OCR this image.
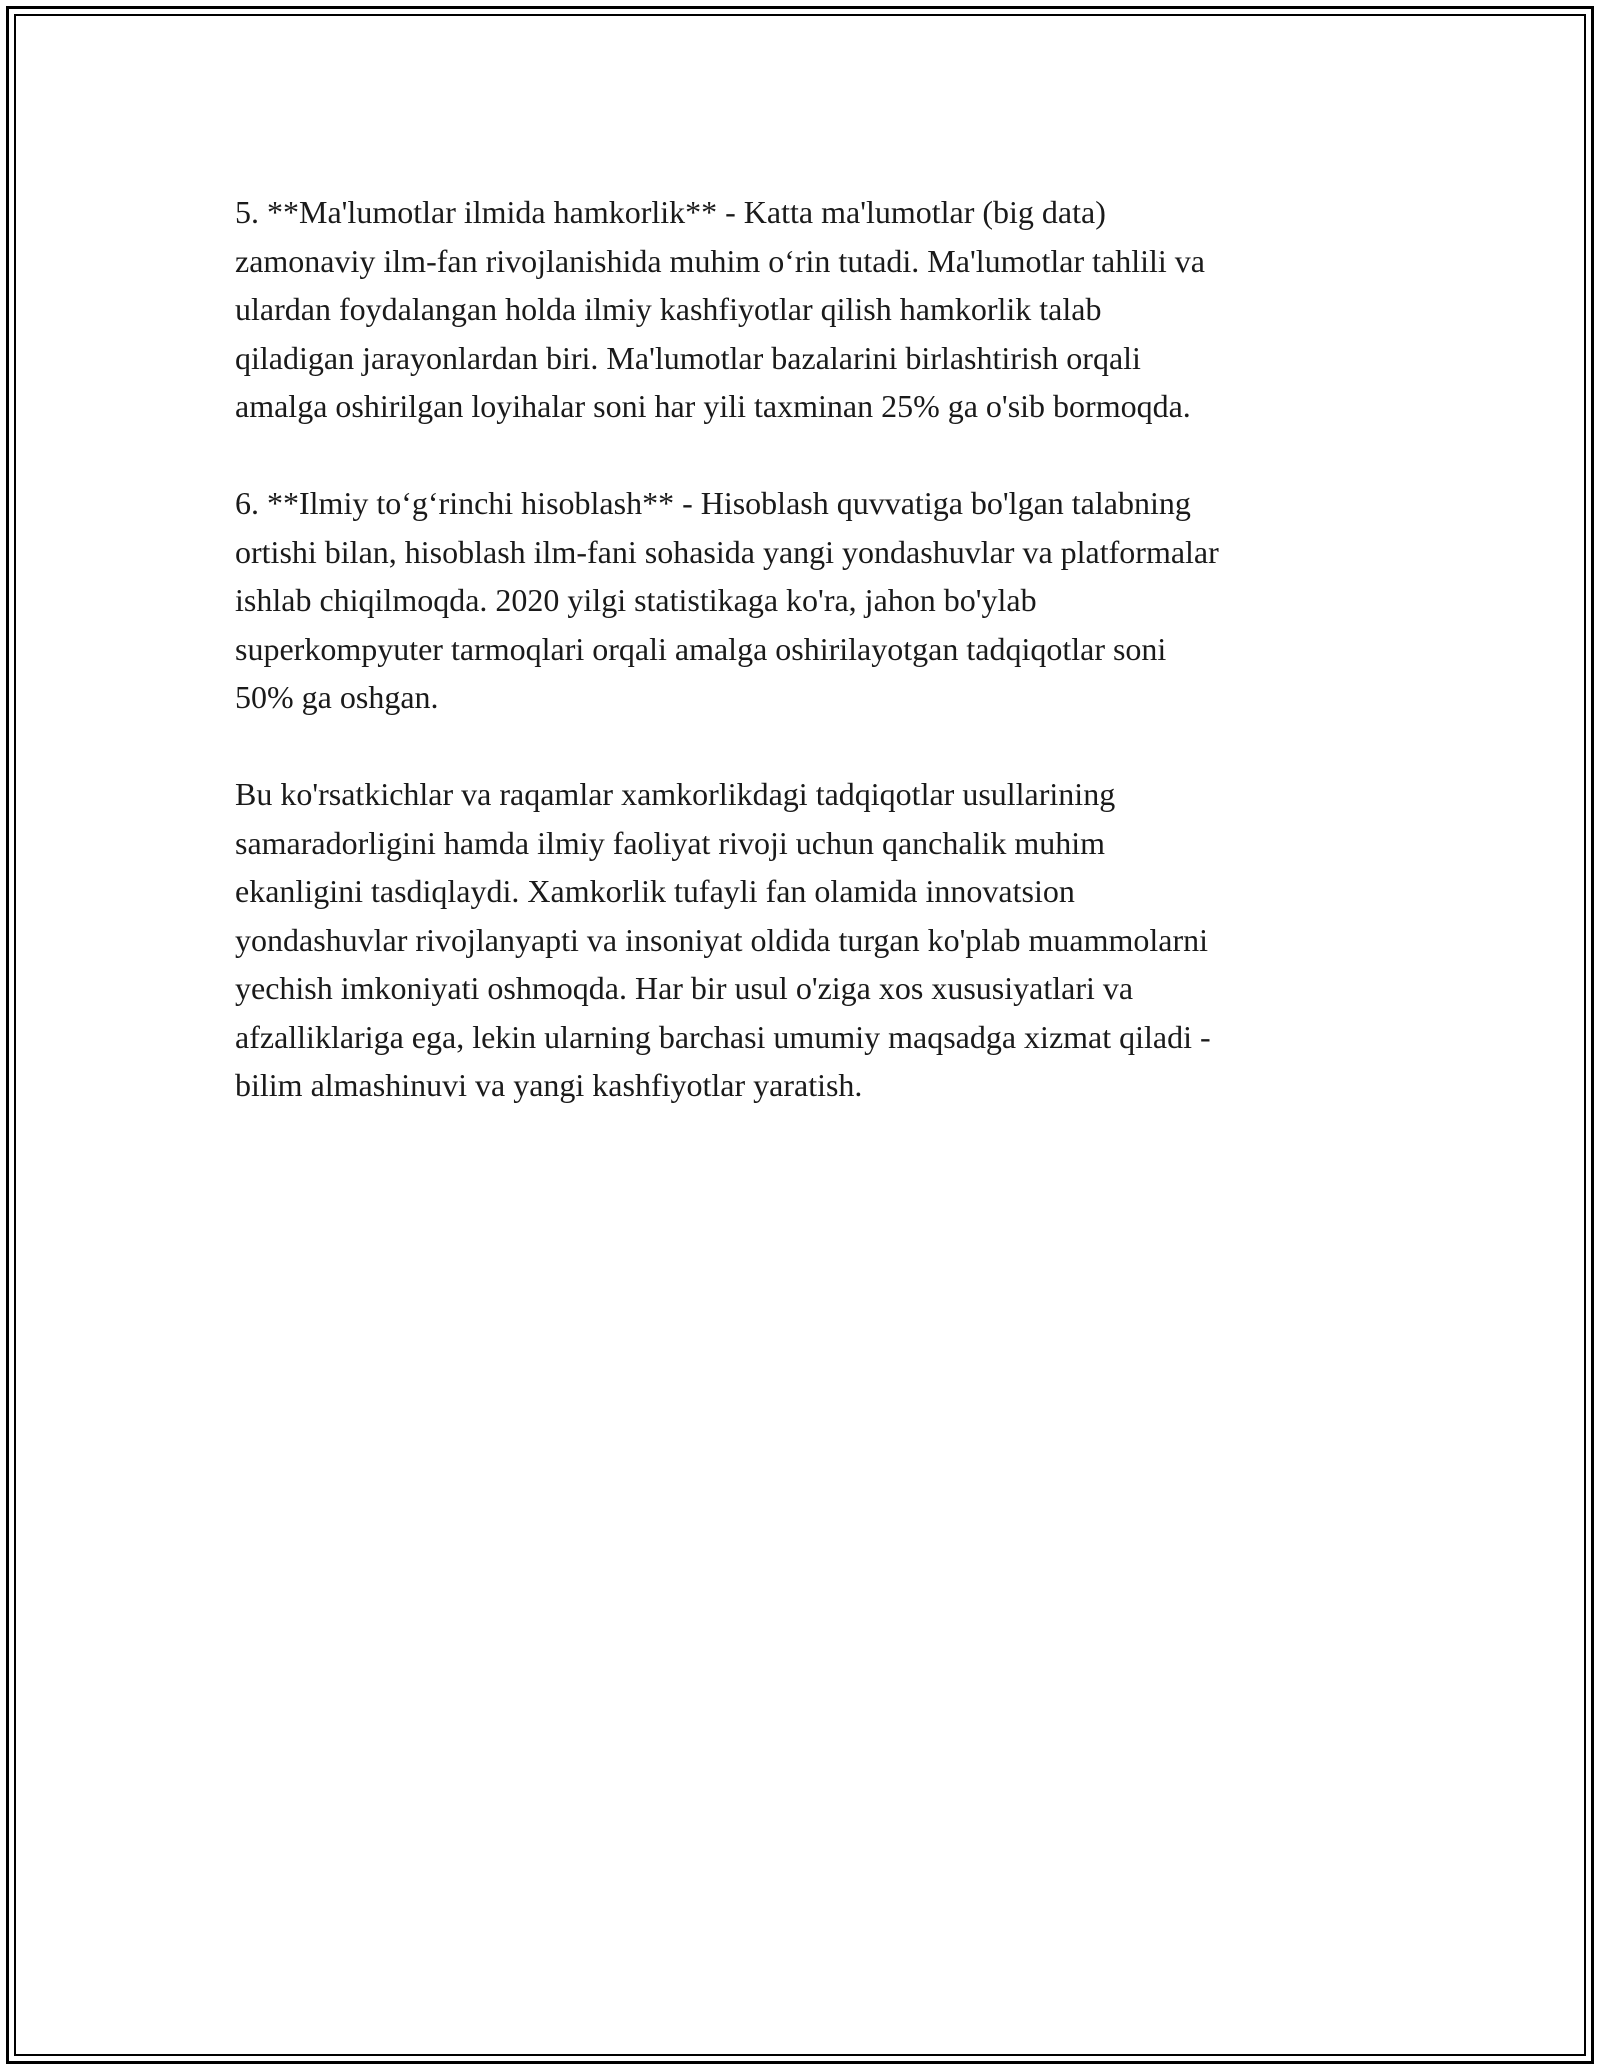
5. **Ma'lumotlar ilmida hamkorlik** - Katta ma'lumotlar (big data)
zamonaviy ilm-fan rivojlanishida muhim o‘rin tutadi. Ma'lumotlar tahlili va
ulardan foydalangan holda ilmiy kashfiyotlar qilish hamkorlik talab
qiladigan jarayonlardan biri. Ma'lumotlar bazalarini birlashtirish orqali
amalga oshirilgan loyihalar soni har yili taxminan 25% ga o'sib bormoqda.

6. **Ilmiy to‘g‘rinchi hisoblash** - Hisoblash quvvatiga bo'lgan talabning
ortishi bilan, hisoblash ilm-fani sohasida yangi yondashuvlar va platformalar
ishlab chiqilmoqda. 2020 yilgi statistikaga ko'ra, jahon bo'ylab
superkompyuter tarmoqlari orqali amalga oshirilayotgan tadqiqotlar soni
50% ga oshgan.

Bu ko'rsatkichlar va raqamlar xamkorlikdagi tadqiqotlar usullarining
samaradorligini hamda ilmiy faoliyat rivoji uchun qanchalik muhim
ekanligini tasdiqlaydi. Xamkorlik tufayli fan olamida innovatsion
yondashuvlar rivojlanyapti va insoniyat oldida turgan ko'plab muammolarni
yechish imkoniyati oshmoqda. Har bir usul o'ziga xos xususiyatlari va
afzalliklariga ega, lekin ularning barchasi umumiy maqsadga xizmat qiladi -
bilim almashinuvi va yangi kashfiyotlar yaratish.
